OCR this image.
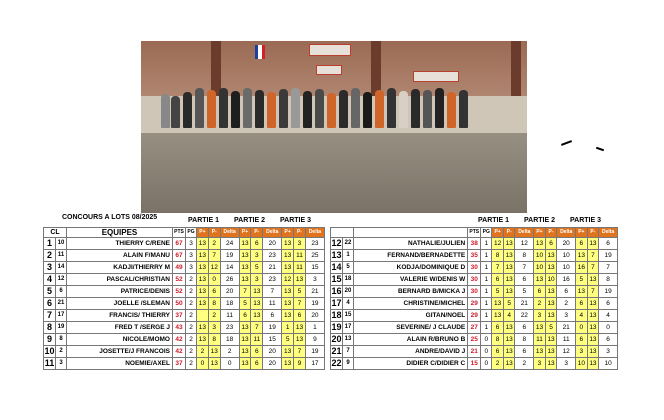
CONCOURS A LOTS 08/2025	PARTIE 1 PARTIE 2 PARTIE 3
CL		EQUIPES	PTS	PG	P+	P-	Delta	P+	P-	Delta	P+	P-	Delta
1	10	THIERRY C/RENE	67	3	13	2	24	13	6	20	13	3	23
2	11	ALAIN F/MANU	67	3	13	7	19	13	3	23	13	11	25
3	14	KADJI/THIERRY M	49	3	13	12	14	13	5	21	13	11	15
4	12	PASCAL/CHRISTIAN	52	2	13	0	26	13	3	23	12	13	3
5	6	PATRICE/DENIS	52	2	13	6	20	7	13	7	13	5	21
6	21	JOELLE /SLEMAN	50	2	13	8	18	5	13	11	13	7	19
7	17	FRANCIS/ THIERRY	37	2		2	11	6	13	6	13	6	20
8	19	FRED T /SERGE J	43	2	13	3	23	13	7	19	1	13	1
9	8	NICOLE/MOMO	42	2	13	8	18	13	11	15	5	13	9
10	2	JOSETTE/J FRANCOIS	42	2	2	13	2	13	6	20	13	7	19
11	3	NOEMIE/AXEL	37	2	0	13	0	13	6	20	13	9	17
PARTIE 1 PARTIE 2 PARTIE 3
			PTS	PG	P+	P-	Delta	P+	P-	Delta	P+	P-	Delta
12	22	NATHALIE/JULIEN	38	1	12	13	12	13	6	20	6	13	6
13	1	FERNAND/BERNADETTE	35	1	8	13	8	10	13	10	13	7	19
14	5	KODJA/DOMINIQUE D	30	1	7	13	7	10	13	10	16	7	7
15	18	VALERIE W/DENIS W	30	1	6	13	6	13	10	16	5	13	8
16	20	BERNARD B/MICKA J	30	1	5	13	5	6	13	6	13	7	19
17	4	CHRISTINE/MICHEL	29	1	13	5	21	2	13	2	6	13	6
18	15	GITAN/NOEL	29	1	13	4	22	3	13	3	4	13	4
19	17	SEVERINE/ J CLAUDE	27	1	6	13	6	13	5	21	0	13	0
20	13	ALAIN R/BRUNO B	25	0	8	13	8	11	13	11	6	13	6
21	7	ANDRE/DAVID J	21	0	6	13	6	13	13	12	3	13	3
22	9	DIDIER C/DIDIER C	15	0	2	13	2	3	13	3	10	13	10
